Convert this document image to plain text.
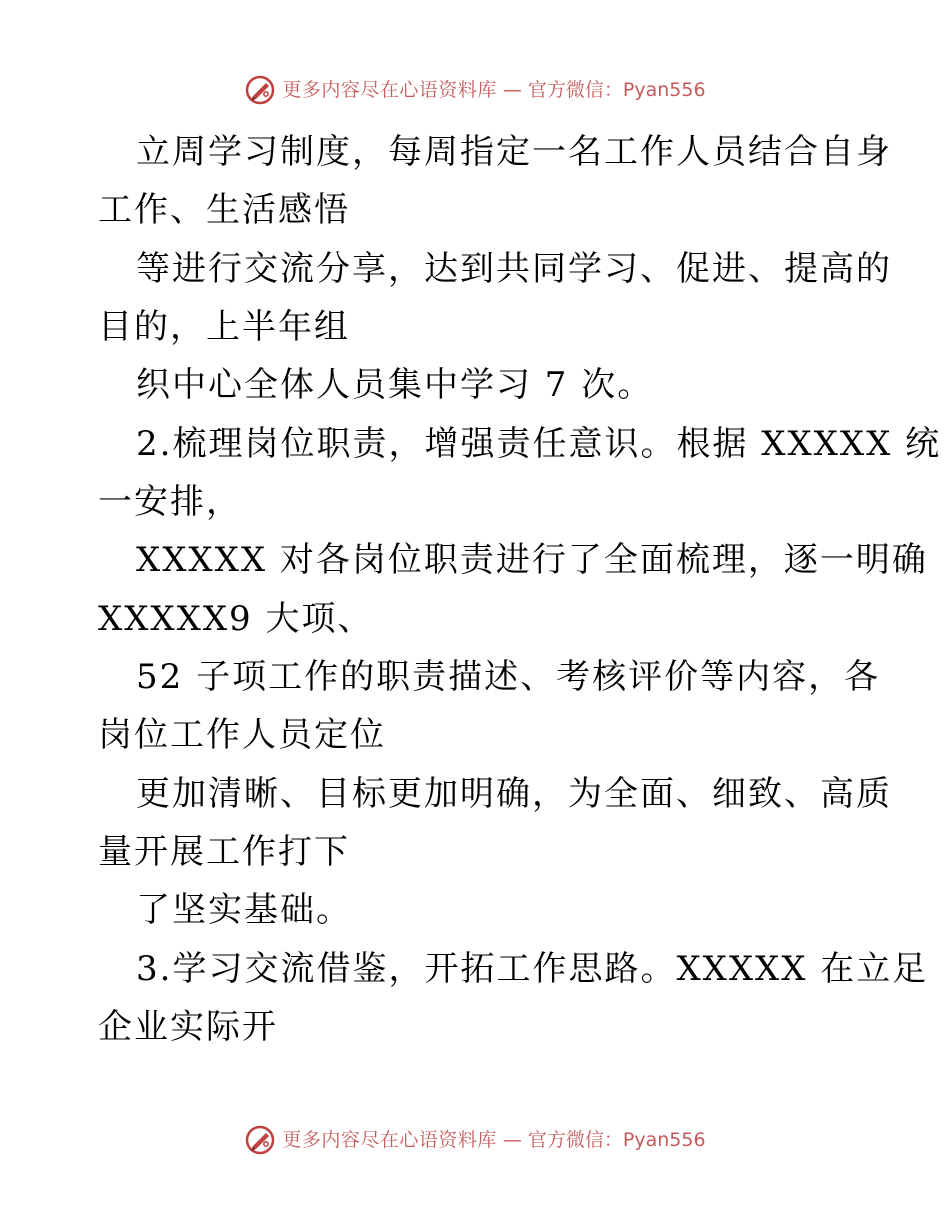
更多内容尽在心语资料库 — 官方微信：Pyan556
立周学习制度，每周指定一名工作人员结合自身
工作、生活感悟
等进行交流分享，达到共同学习、促进、提高的
目的，上半年组
织中心全体人员集中学习 7 次。
2.梳理岗位职责，增强责任意识。根据 XXXXX 统
一安排，
XXXXX 对各岗位职责进行了全面梳理，逐一明确
XXXXX9 大项、
52 子项工作的职责描述、考核评价等内容，各
岗位工作人员定位
更加清晰、目标更加明确，为全面、细致、高质
量开展工作打下
了坚实基础。
3.学习交流借鉴，开拓工作思路。XXXXX 在立足
企业实际开
更多内容尽在心语资料库 — 官方微信：Pyan556
